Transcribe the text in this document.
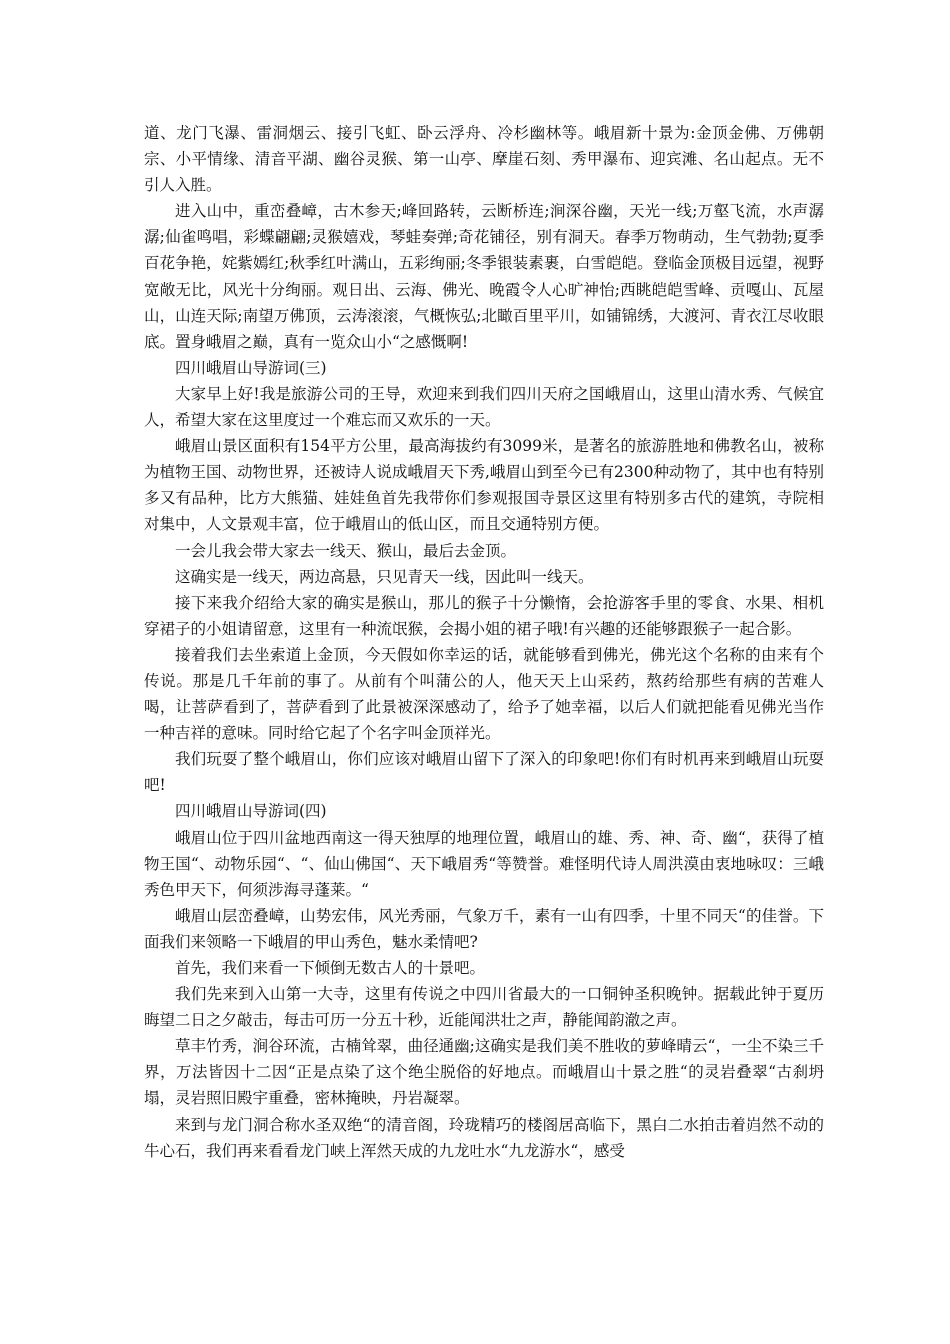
道、龙门飞瀑、雷洞烟云、接引飞虹、卧云浮舟、冷杉幽林等。峨眉新十景为:金顶金佛、万佛朝宗、小平情缘、清音平湖、幽谷灵猴、第一山亭、摩崖石刻、秀甲瀑布、迎宾滩、名山起点。无不引人入胜。

进入山中，重峦叠嶂，古木参天;峰回路转，云断桥连;涧深谷幽，天光一线;万壑飞流，水声潺潺;仙雀鸣唱，彩蝶翩翩;灵猴嬉戏，琴蛙奏弹;奇花铺径，别有洞天。春季万物萌动，生气勃勃;夏季百花争艳，姹紫嫣红;秋季红叶满山，五彩绚丽;冬季银装素裹，白雪皑皑。登临金顶极目远望，视野宽敞无比，风光十分绚丽。观日出、云海、佛光、晚霞令人心旷神怡;西眺皑皑雪峰、贡嘎山、瓦屋山，山连天际;南望万佛顶，云涛滚滚，气概恢弘;北瞰百里平川，如铺锦绣，大渡河、青衣江尽收眼底。置身峨眉之巅，真有一览众山小“之感慨啊!

四川峨眉山导游词(三)

大家早上好!我是旅游公司的王导，欢迎来到我们四川天府之国峨眉山，这里山清水秀、气候宜人，希望大家在这里度过一个难忘而又欢乐的一天。

峨眉山景区面积有154平方公里，最高海拔约有3099米，是著名的旅游胜地和佛教名山，被称为植物王国、动物世界，还被诗人说成峨眉天下秀,峨眉山到至今已有2300种动物了，其中也有特别多又有品种，比方大熊猫、娃娃鱼首先我带你们参观报国寺景区这里有特别多古代的建筑，寺院相对集中，人文景观丰富，位于峨眉山的低山区，而且交通特别方便。

一会儿我会带大家去一线天、猴山，最后去金顶。

这确实是一线天，两边高悬，只见青天一线，因此叫一线天。

接下来我介绍给大家的确实是猴山，那儿的猴子十分懒惰，会抢游客手里的零食、水果、相机穿裙子的小姐请留意，这里有一种流氓猴，会揭小姐的裙子哦!有兴趣的还能够跟猴子一起合影。

接着我们去坐索道上金顶，今天假如你幸运的话，就能够看到佛光，佛光这个名称的由来有个传说。那是几千年前的事了。从前有个叫蒲公的人，他天天上山采药，熬药给那些有病的苦难人喝，让菩萨看到了，菩萨看到了此景被深深感动了，给予了她幸福，以后人们就把能看见佛光当作一种吉祥的意味。同时给它起了个名字叫金顶祥光。

我们玩耍了整个峨眉山，你们应该对峨眉山留下了深入的印象吧!你们有时机再来到峨眉山玩耍吧!

四川峨眉山导游词(四)

峨眉山位于四川盆地西南这一得天独厚的地理位置，峨眉山的雄、秀、神、奇、幽“，获得了植物王国“、动物乐园“、“、仙山佛国“、天下峨眉秀“等赞誉。难怪明代诗人周洪漠由衷地咏叹：三峨秀色甲天下，何须涉海寻蓬莱。“

峨眉山层峦叠嶂，山势宏伟，风光秀丽，气象万千，素有一山有四季，十里不同天“的佳誉。下面我们来领略一下峨眉的甲山秀色，魅水柔情吧?

首先，我们来看一下倾倒无数古人的十景吧。

我们先来到入山第一大寺，这里有传说之中四川省最大的一口铜钟圣积晚钟。据载此钟于夏历晦望二日之夕敲击，每击可历一分五十秒，近能闻洪壮之声，静能闻韵澈之声。

草丰竹秀，涧谷环流，古楠耸翠，曲径通幽;这确实是我们美不胜收的萝峰晴云“，一尘不染三千界，万法皆因十二因“正是点染了这个绝尘脱俗的好地点。而峨眉山十景之胜“的灵岩叠翠“古刹坍塌，灵岩照旧殿宇重叠，密林掩映，丹岩凝翠。

来到与龙门洞合称水圣双绝“的清音阁，玲珑精巧的楼阁居高临下，黑白二水拍击着岿然不动的牛心石，我们再来看看龙门峡上浑然天成的九龙吐水“九龙游水“，感受
